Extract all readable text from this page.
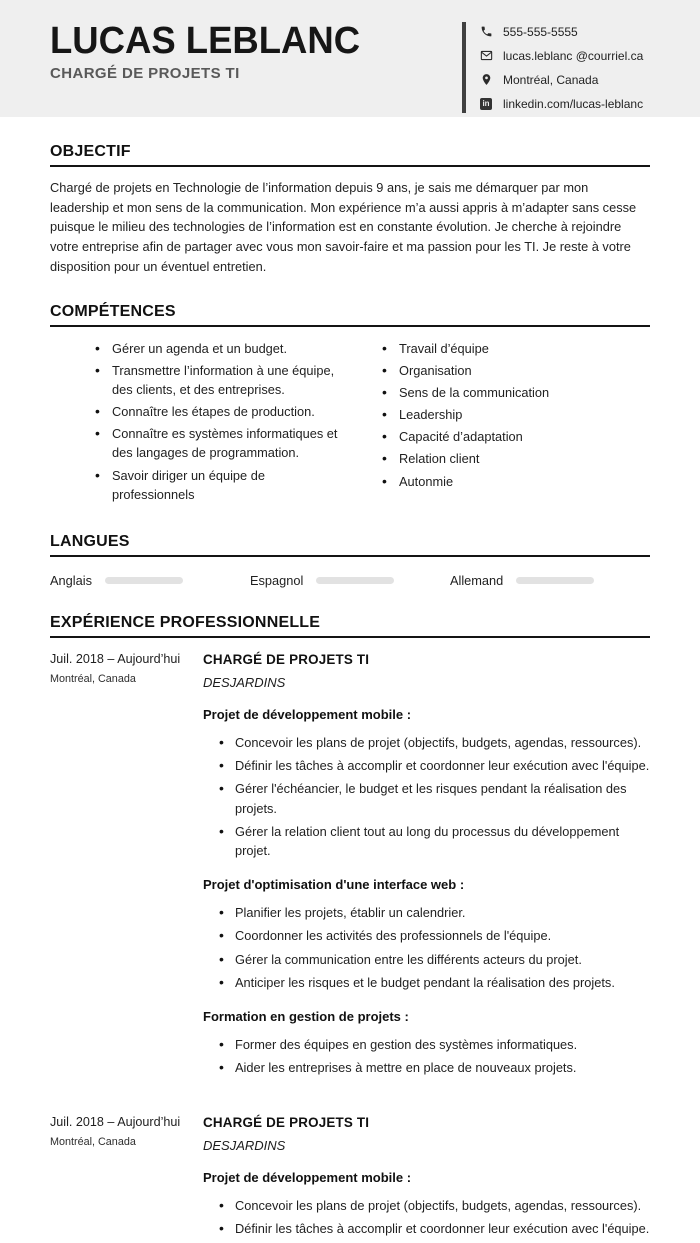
LUCAS LEBLANC
CHARGÉ DE PROJETS TI
555-555-5555
lucas.leblanc @courriel.ca
Montréal, Canada
in linkedin.com/lucas-leblanc
OBJECTIF

Chargé de projets en Technologie de l’information depuis 9 ans, je sais me démarquer par mon leadership et mon sens de la communication. Mon expérience m’a aussi appris à m’adapter sans cesse puisque le milieu des technologies de l’information est en constante évolution. Je cherche à rejoindre votre entreprise afin de partager avec vous mon savoir-faire et ma passion pour les TI. Je reste à votre disposition pour un éventuel entretien.

COMPÉTENCES
• Gérer un agenda et un budget.
• Transmettre l’information à une équipe, des clients, et des entreprises.
• Connaître les étapes de production.
• Connaître es systèmes informatiques et des langages de programmation.
• Savoir diriger un équipe de professionnels
• Travail d’équipe
• Organisation
• Sens de la communication
• Leadership
• Capacité d’adaptation
• Relation client
• Autonmie
LANGUES
Anglais	Espagnol	Allemand
EXPÉRIENCE PROFESSIONNELLE
Juil. 2018 – Aujourd’hui
Montréal, Canada
CHARGÉ DE PROJETS TI
DESJARDINS
Projet de développement mobile :
• Concevoir les plans de projet (objectifs, budgets, agendas, ressources).
• Définir les tâches à accomplir et coordonner leur exécution avec l'équipe.
• Gérer l'échéancier, le budget et les risques pendant la réalisation des projets.
• Gérer la relation client tout au long du processus du développement projet.
Projet d'optimisation d'une interface web :
• Planifier les projets, établir un calendrier.
• Coordonner les activités des professionnels de l'équipe.
• Gérer la communication entre les différents acteurs du projet.
• Anticiper les risques et le budget pendant la réalisation des projets.
Formation en gestion de projets :
• Former des équipes en gestion des systèmes informatiques.
• Aider les entreprises à mettre en place de nouveaux projets.
Juil. 2018 – Aujourd’hui
Montréal, Canada
CHARGÉ DE PROJETS TI
DESJARDINS
Projet de développement mobile :
• Concevoir les plans de projet (objectifs, budgets, agendas, ressources).
• Définir les tâches à accomplir et coordonner leur exécution avec l'équipe.
